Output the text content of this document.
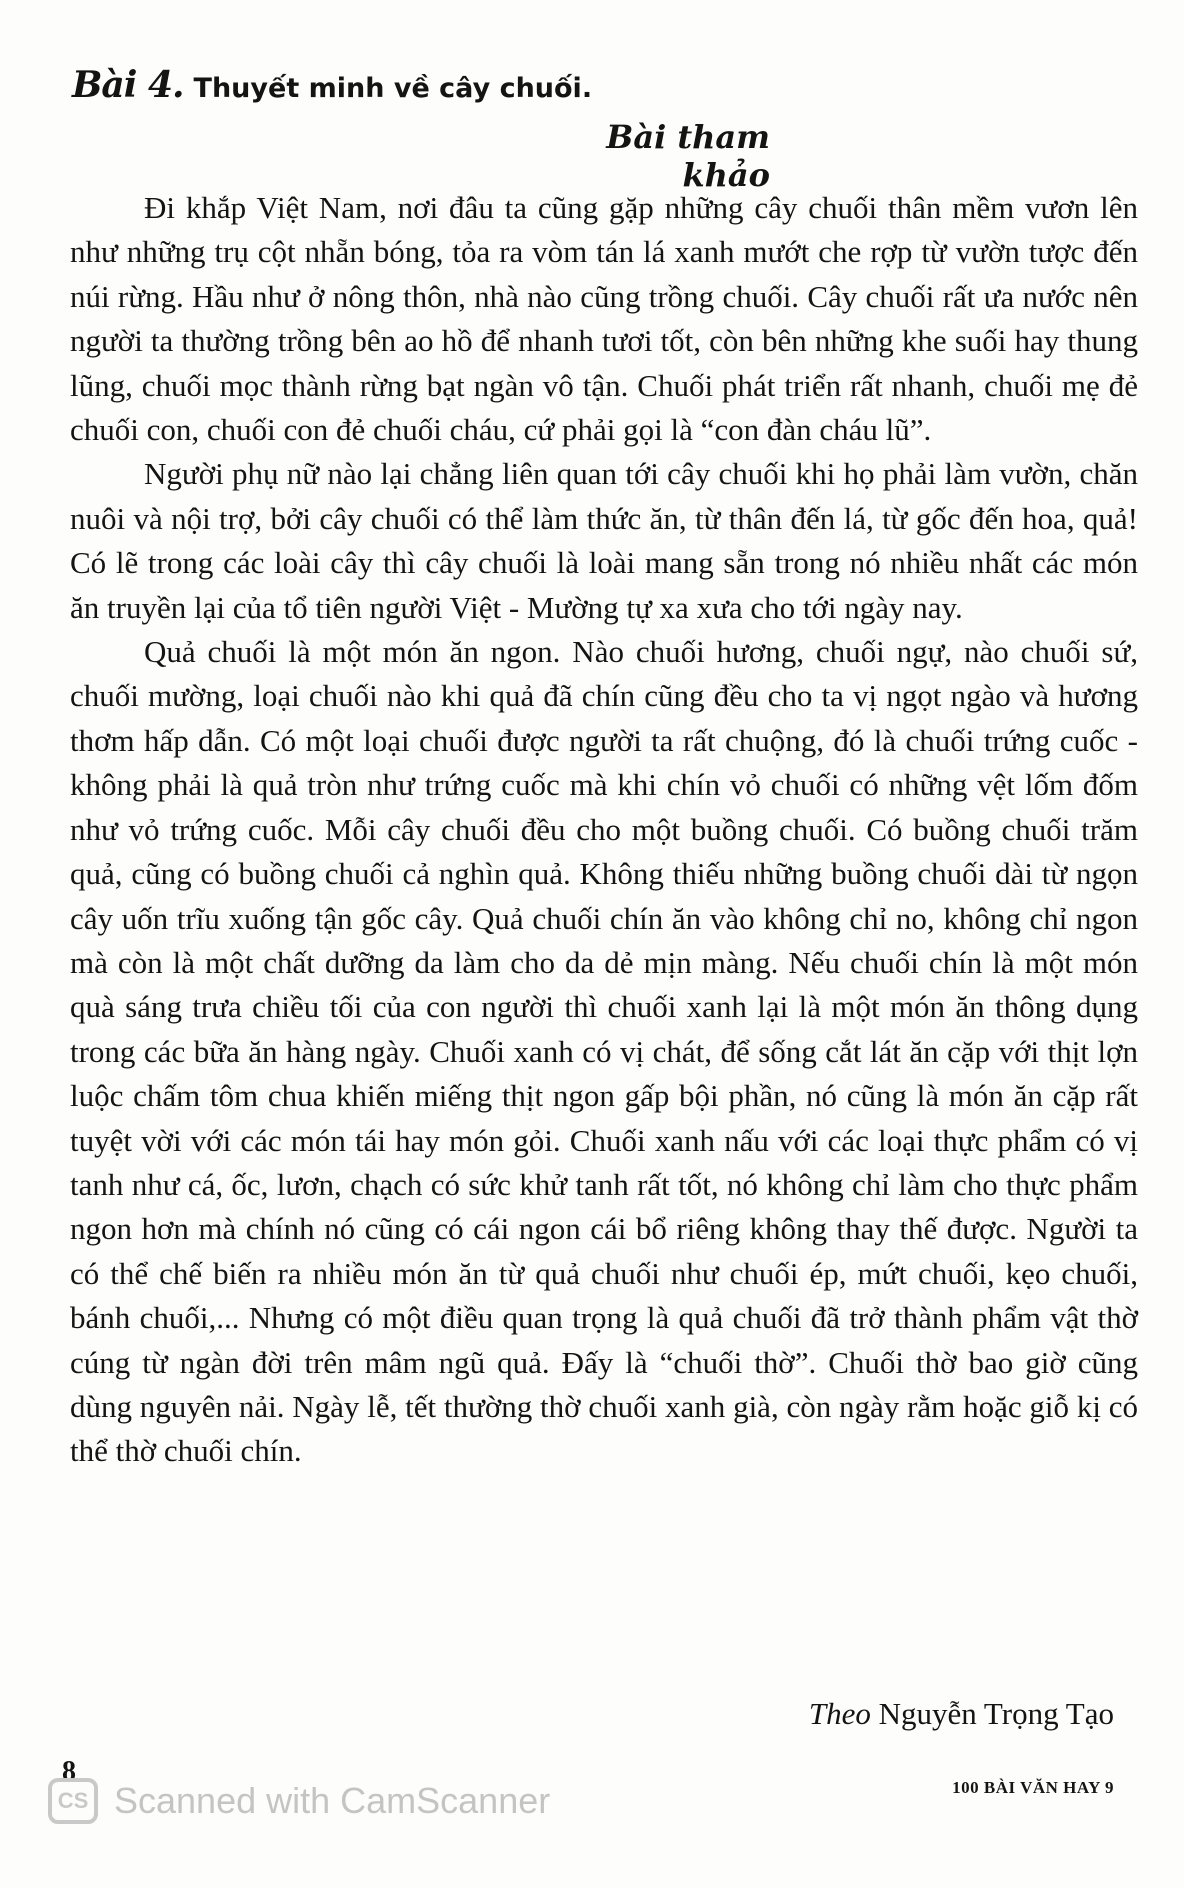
Bài 4. Thuyết minh về cây chuối.
Bài tham khảo

Đi khắp Việt Nam, nơi đâu ta cũng gặp những cây chuối thân mềm vươn lên như những trụ cột nhẵn bóng, tỏa ra vòm tán lá xanh mướt che rợp từ vườn tược đến núi rừng. Hầu như ở nông thôn, nhà nào cũng trồng chuối. Cây chuối rất ưa nước nên người ta thường trồng bên ao hồ để nhanh tươi tốt, còn bên những khe suối hay thung lũng, chuối mọc thành rừng bạt ngàn vô tận. Chuối phát triển rất nhanh, chuối mẹ đẻ chuối con, chuối con đẻ chuối cháu, cứ phải gọi là “con đàn cháu lũ”.

Người phụ nữ nào lại chẳng liên quan tới cây chuối khi họ phải làm vườn, chăn nuôi và nội trợ, bởi cây chuối có thể làm thức ăn, từ thân đến lá, từ gốc đến hoa, quả! Có lẽ trong các loài cây thì cây chuối là loài mang sẵn trong nó nhiều nhất các món ăn truyền lại của tổ tiên người Việt - Mường tự xa xưa cho tới ngày nay.

Quả chuối là một món ăn ngon. Nào chuối hương, chuối ngự, nào chuối sứ, chuối mường, loại chuối nào khi quả đã chín cũng đều cho ta vị ngọt ngào và hương thơm hấp dẫn. Có một loại chuối được người ta rất chuộng, đó là chuối trứng cuốc - không phải là quả tròn như trứng cuốc mà khi chín vỏ chuối có những vệt lốm đốm như vỏ trứng cuốc. Mỗi cây chuối đều cho một buồng chuối. Có buồng chuối trăm quả, cũng có buồng chuối cả nghìn quả. Không thiếu những buồng chuối dài từ ngọn cây uốn trĩu xuống tận gốc cây. Quả chuối chín ăn vào không chỉ no, không chỉ ngon mà còn là một chất dưỡng da làm cho da dẻ mịn màng. Nếu chuối chín là một món quà sáng trưa chiều tối của con người thì chuối xanh lại là một món ăn thông dụng trong các bữa ăn hàng ngày. Chuối xanh có vị chát, để sống cắt lát ăn cặp với thịt lợn luộc chấm tôm chua khiến miếng thịt ngon gấp bội phần, nó cũng là món ăn cặp rất tuyệt vời với các món tái hay món gỏi. Chuối xanh nấu với các loại thực phẩm có vị tanh như cá, ốc, lươn, chạch có sức khử tanh rất tốt, nó không chỉ làm cho thực phẩm ngon hơn mà chính nó cũng có cái ngon cái bổ riêng không thay thế được. Người ta có thể chế biến ra nhiều món ăn từ quả chuối như chuối ép, mứt chuối, kẹo chuối, bánh chuối,... Nhưng có một điều quan trọng là quả chuối đã trở thành phẩm vật thờ cúng từ ngàn đời trên mâm ngũ quả. Đấy là “chuối thờ”. Chuối thờ bao giờ cũng dùng nguyên nải. Ngày lễ, tết thường thờ chuối xanh già, còn ngày rằm hoặc giỗ kị có thể thờ chuối chín.

Theo Nguyễn Trọng Tạo
8
CS Scanned with CamScanner	100 BÀI VĂN HAY 9
